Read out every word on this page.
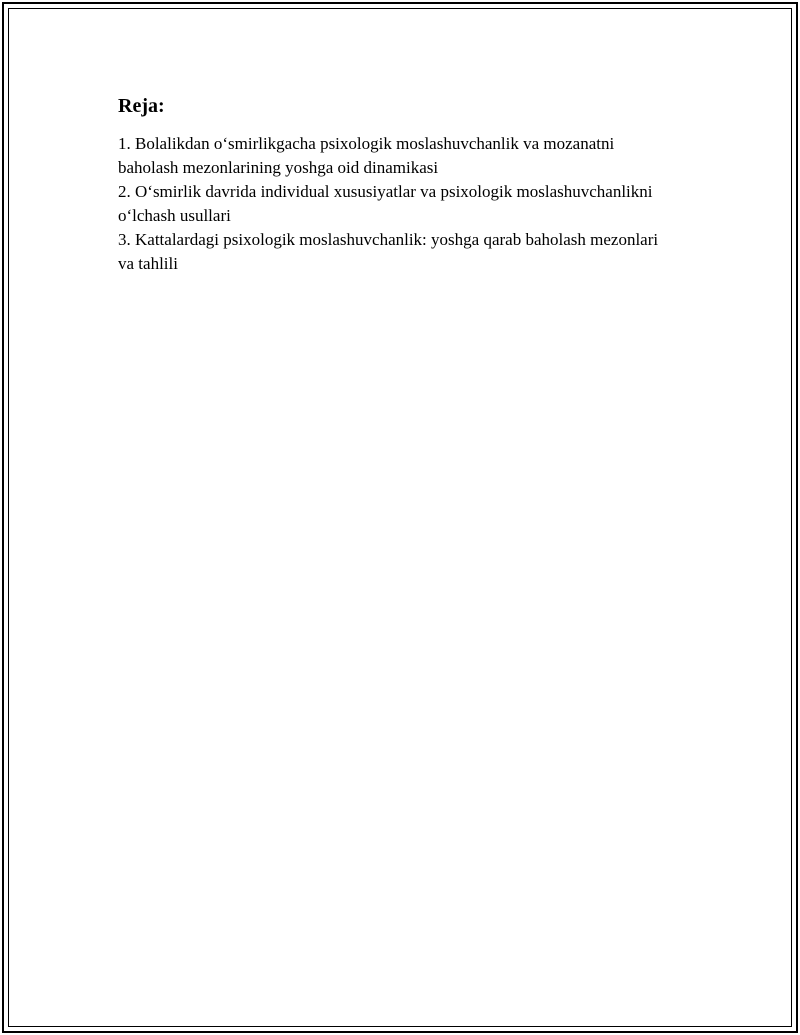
Reja:
1. Bolalikdan o‘smirlikgacha psixologik moslashuvchanlik va mozanatni baholash mezonlarining yoshga oid dinamikasi
2. O‘smirlik davrida individual xususiyatlar va psixologik moslashuvchanlikni o‘lchash usullari
3. Kattalardagi psixologik moslashuvchanlik: yoshga qarab baholash mezonlari va tahlili
